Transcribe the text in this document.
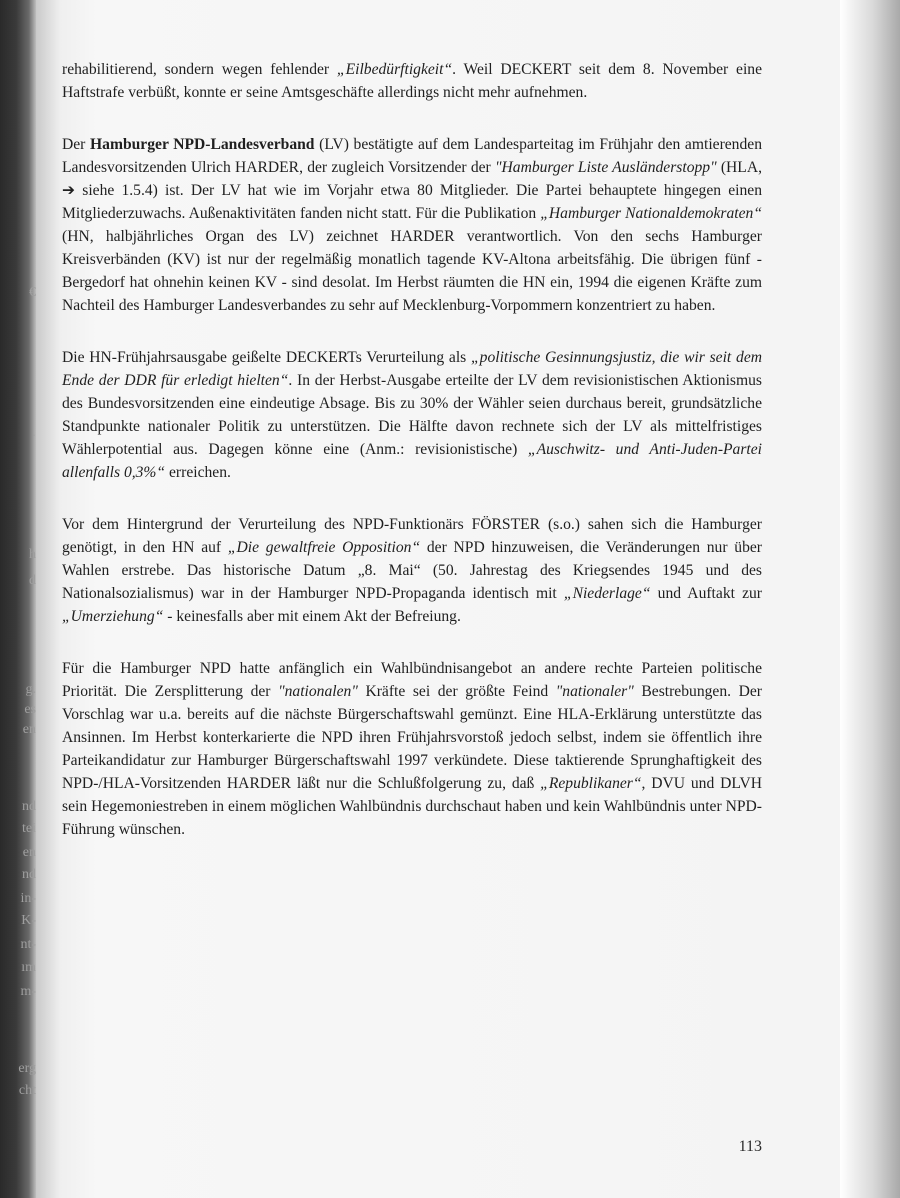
€
·
h
d
g.
es
en
nd
tei
en
nd
in-
K-
nt-
ım
m-
erg
cht

rehabilitierend, sondern wegen fehlender „Eilbedürftigkeit“. Weil DECKERT seit dem 8. November eine Haftstrafe verbüßt, konnte er seine Amtsgeschäfte allerdings nicht mehr aufnehmen.

Der Hamburger NPD-Landesverband (LV) bestätigte auf dem Landesparteitag im Frühjahr den amtierenden Landesvorsitzenden Ulrich HARDER, der zugleich Vorsitzender der "Hamburger Liste Ausländerstopp" (HLA, ➔ siehe 1.5.4) ist. Der LV hat wie im Vorjahr etwa 80 Mitglieder. Die Partei behauptete hingegen einen Mitgliederzuwachs. Außenaktivitäten fanden nicht statt. Für die Publikation „Hamburger Nationaldemokraten“ (HN, halbjährliches Organ des LV) zeichnet HARDER verantwortlich. Von den sechs Hamburger Kreisverbänden (KV) ist nur der regelmäßig monatlich tagende KV-Altona arbeitsfähig. Die übrigen fünf - Bergedorf hat ohnehin keinen KV - sind desolat. Im Herbst räumten die HN ein, 1994 die eigenen Kräfte zum Nachteil des Hamburger Landesverbandes zu sehr auf Mecklenburg-Vorpommern konzentriert zu haben.

Die HN-Frühjahrsausgabe geißelte DECKERTs Verurteilung als „politische Gesinnungsjustiz, die wir seit dem Ende der DDR für erledigt hielten“. In der Herbst-Ausgabe erteilte der LV dem revisionistischen Aktionismus des Bundesvorsitzenden eine eindeutige Absage. Bis zu 30% der Wähler seien durchaus bereit, grundsätzliche Standpunkte nationaler Politik zu unterstützen. Die Hälfte davon rechnete sich der LV als mittelfristiges Wählerpotential aus. Dagegen könne eine (Anm.: revisionistische) „Auschwitz- und Anti-Juden-Partei allenfalls 0,3%“ erreichen.

Vor dem Hintergrund der Verurteilung des NPD-Funktionärs FÖRSTER (s.o.) sahen sich die Hamburger genötigt, in den HN auf „Die gewaltfreie Opposition“ der NPD hinzuweisen, die Veränderungen nur über Wahlen erstrebe. Das historische Datum „8. Mai“ (50. Jahrestag des Kriegsendes 1945 und des Nationalsozialismus) war in der Hamburger NPD-Propaganda identisch mit „Niederlage“ und Auftakt zur „Umerziehung“ - keinesfalls aber mit einem Akt der Befreiung.

Für die Hamburger NPD hatte anfänglich ein Wahlbündnisangebot an andere rechte Parteien politische Priorität. Die Zersplitterung der "nationalen" Kräfte sei der größte Feind "nationaler" Bestrebungen. Der Vorschlag war u.a. bereits auf die nächste Bürgerschaftswahl gemünzt. Eine HLA-Erklärung unterstützte das Ansinnen. Im Herbst konterkarierte die NPD ihren Frühjahrsvorstoß jedoch selbst, indem sie öffentlich ihre Parteikandidatur zur Hamburger Bürgerschaftswahl 1997 verkündete. Diese taktierende Sprunghaftigkeit des NPD-/HLA-Vorsitzenden HARDER läßt nur die Schlußfolgerung zu, daß „Republikaner“, DVU und DLVH sein Hegemoniestreben in einem möglichen Wahlbündnis durchschaut haben und kein Wahlbündnis unter NPD-Führung wünschen.

113
